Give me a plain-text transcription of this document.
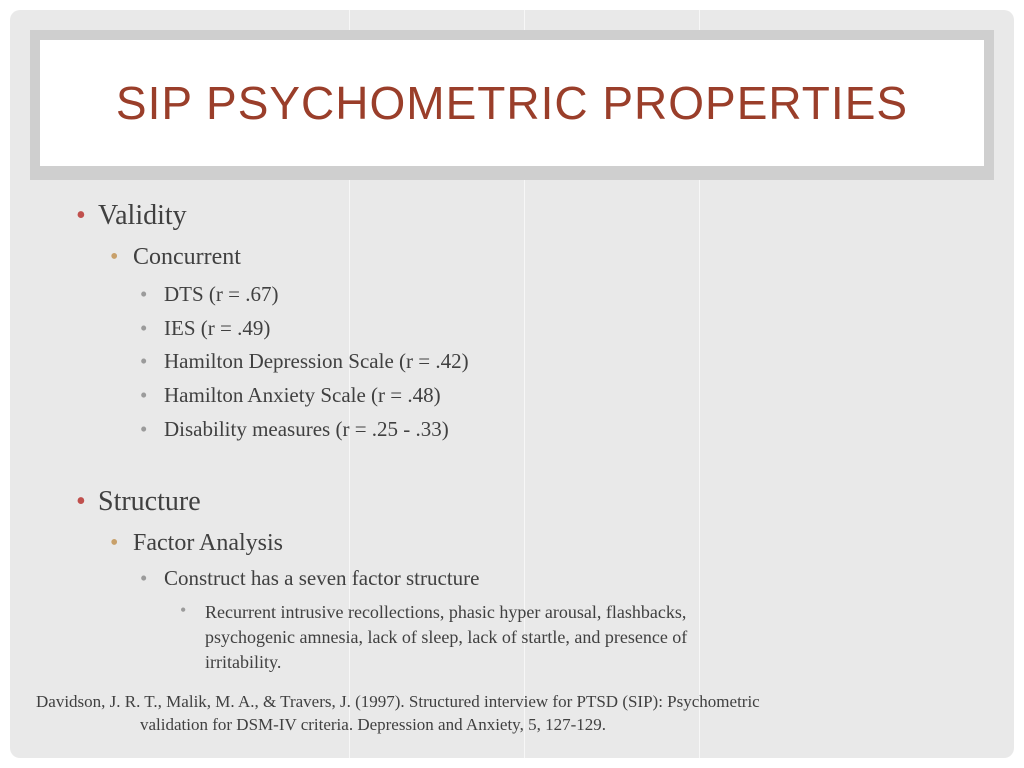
SIP PSYCHOMETRIC PROPERTIES
• Validity
• Concurrent
• DTS (r = .67)
• IES (r = .49)
• Hamilton Depression Scale (r = .42)
• Hamilton Anxiety Scale (r = .48)
• Disability measures (r = .25 - .33)
• Structure
• Factor Analysis
• Construct has a seven factor structure
• Recurrent intrusive recollections, phasic hyper arousal, flashbacks,
psychogenic amnesia, lack of sleep, lack of startle, and presence of
irritability.
Davidson, J. R. T., Malik, M. A., & Travers, J. (1997). Structured interview for PTSD (SIP): Psychometric
validation for DSM-IV criteria. Depression and Anxiety, 5, 127-129.
